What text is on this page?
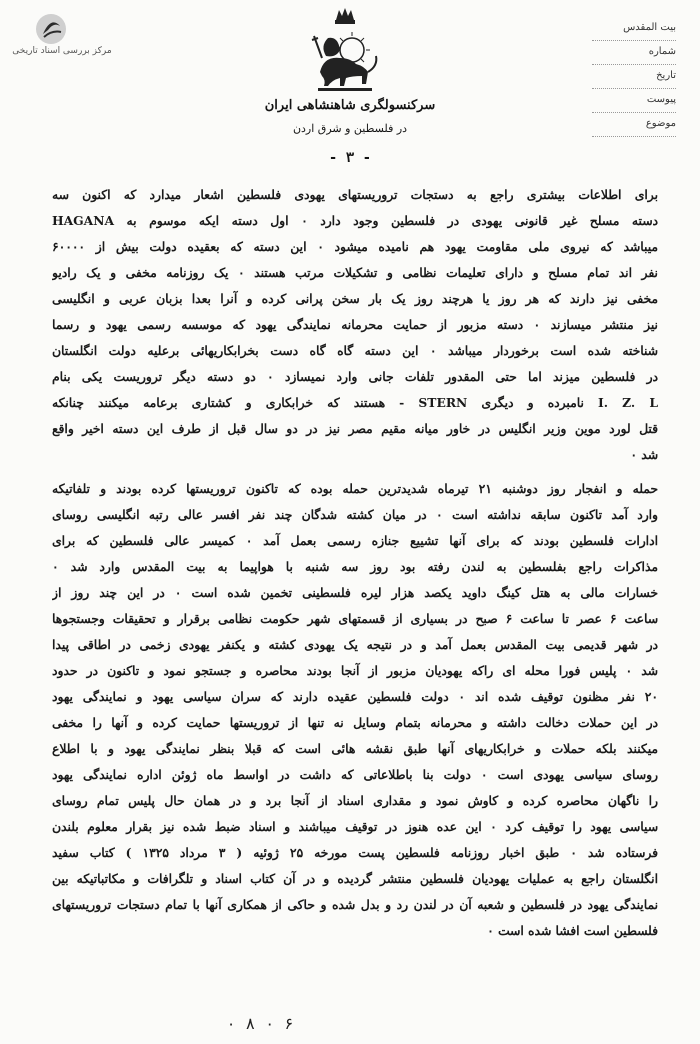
مرکز بررسی اسناد تاریخی
سرکنسولگری شاهنشاهی ایران
در فلسطین و شرق اردن
- ۳ -
بیت المقدس
شماره
تاریخ
پیوست
موضوع
برای اطلاعات بیشتری راجع به دستجات تروریستهای یهودی فلسطین اشعار میدارد که اکنون سه
دسته مسلح غیر قانونی یهودی در فلسطین وجود دارد ۰ اول دسته ایکه موسوم به HAGANA
میباشد که نیروی ملی مقاومت یهود هم نامیده میشود ۰ این دسته که بعقیده دولت بیش از ۶۰۰۰۰
نفر اند تمام مسلح و دارای تعلیمات نظامی و تشکیلات مرتب هستند ۰ یک روزنامه مخفی و یک رادیو
مخفی نیز دارند که هر روز یا هرچند روز یک بار سخن پرانی کرده و آنرا بعدا بزبان عربی و انگلیسی
نیز منتشر میسازند ۰ دسته مزبور از حمایت محرمانه نمایندگی یهود که موسسه رسمی یهود و رسما
شناخته شده است برخوردار میباشد ۰ این دسته گاه گاه دست بخرابکاریهائی برعلیه دولت انگلستان
در فلسطین میزند اما حتی المقدور تلفات جانی وارد نمیسازد ۰ دو دسته دیگر تروریست یکی بنام
I. Z. L نامبرده و دیگری STERN - هستند که خرابکاری و کشتاری برعامه میکنند چنانکه
قتل لورد موین وزیر انگلیس در خاور میانه مقیم مصر نیز در دو سال قبل از طرف این دسته اخیر واقع
شد ۰
حمله و انفجار روز دوشنبه ۲۱ تیرماه شدیدترین حمله بوده که تاکنون تروریستها کرده بودند و تلفاتیکه
وارد آمد تاکنون سابقه نداشته است ۰ در میان کشته شدگان چند نفر افسر عالی رتبه انگلیسی روسای
ادارات فلسطین بودند که برای آنها تشییع جنازه رسمی بعمل آمد ۰ کمیسر عالی فلسطین که برای
مذاکرات راجع بفلسطین به لندن رفته بود روز سه شنبه با هواپیما به بیت المقدس وارد شد ۰
خسارات مالی به هتل کینگ داوید یکصد هزار لیره فلسطینی تخمین شده است ۰ در این چند روز از
ساعت ۶ عصر تا ساعت ۶ صبح در بسیاری از قسمتهای شهر حکومت نظامی برقرار و تحقیقات وجستجوها
در شهر قدیمی بیت المقدس بعمل آمد و در نتیجه یک یهودی کشته و یکنفر یهودی زخمی در اطاقی پیدا
شد ۰ پلیس فورا محله ای راکه یهودیان مزبور از آنجا بودند محاصره و جستجو نمود و تاکنون در حدود
۲۰ نفر مظنون توقیف شده اند ۰ دولت فلسطین عقیده دارند که سران سیاسی یهود و نمایندگی یهود
در این حملات دخالت داشته و محرمانه بتمام وسایل نه تنها از تروریستها حمایت کرده و آنها را مخفی
میکنند بلکه حملات و خرابکاریهای آنها طبق نقشه هائی است که قبلا بنظر نمایندگی یهود و با اطلاع
روسای سیاسی یهودی است ۰ دولت بنا باطلاعاتی که داشت در اواسط ماه ژوئن اداره نمایندگی یهود
را ناگهان محاصره کرده و کاوش نمود و مقداری اسناد از آنجا برد و در همان حال پلیس تمام روسای
سیاسی یهود را توقیف کرد ۰ این عده هنوز در توقیف میباشند و اسناد ضبط شده نیز بقرار معلوم بلندن
فرستاده شد ۰ طبق اخبار روزنامه فلسطین پست مورخه ۲۵ ژوئیه ( ۳ مرداد ۱۳۲۵ ) کتاب سفید
انگلستان راجع به عملیات یهودیان فلسطین منتشر گردیده و در آن کتاب اسناد و تلگرافات و مکاتباتیکه بین
نمایندگی یهود در فلسطین و شعبه آن در لندن رد و بدل شده و حاکی از همکاری آنها با تمام دستجات تروریستهای
فلسطین است افشا شده است ۰
۰ ۸ ۰ ۶
